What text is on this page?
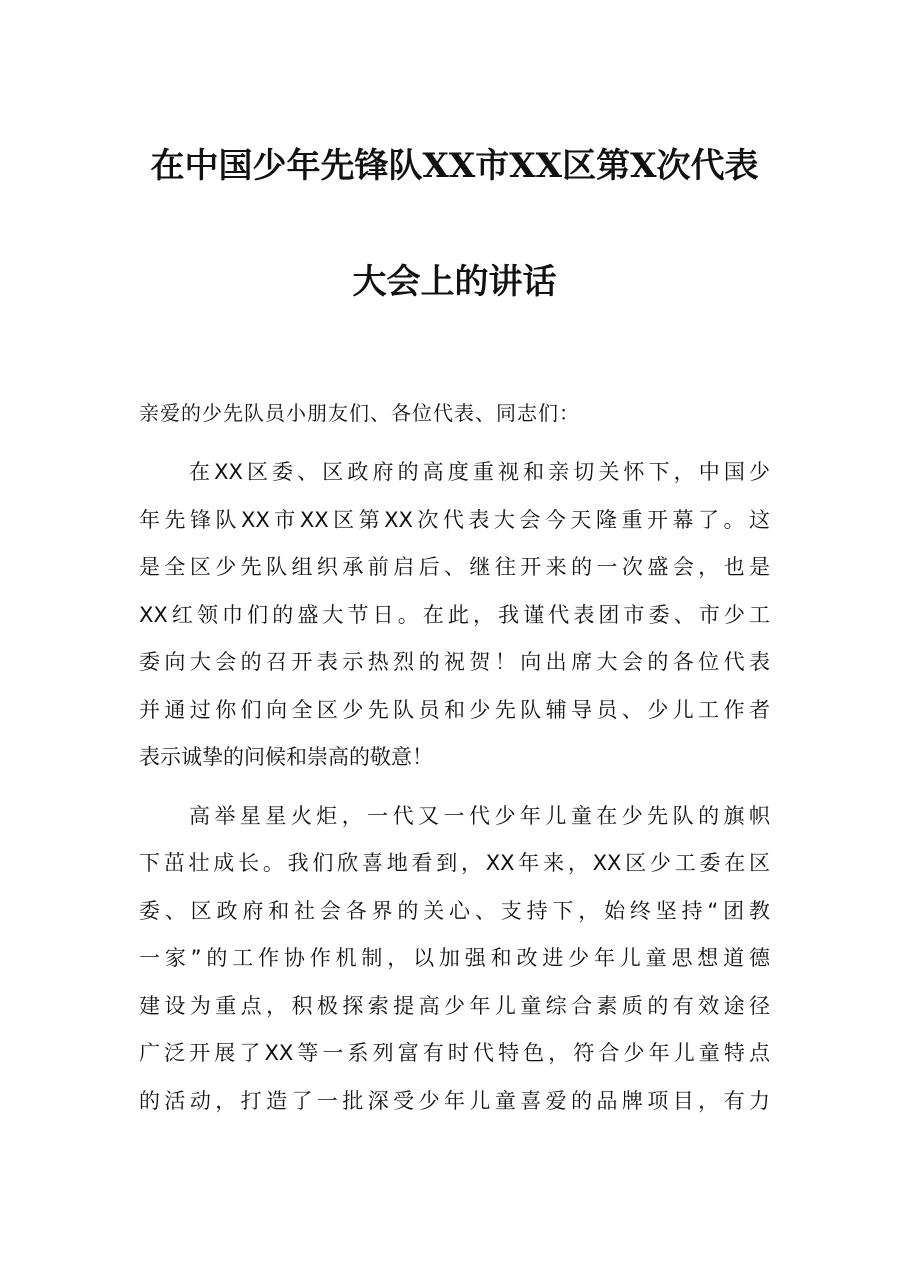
在中国少年先锋队XX市XX区第X次代表
大会上的讲话
亲爱的少先队员小朋友们、各位代表、同志们：
在XX区委、区政府的高度重视和亲切关怀下，中国少
年先锋队XX市XX区第XX次代表大会今天隆重开幕了。这
是全区少先队组织承前启后、继往开来的一次盛会，也是
XX红领巾们的盛大节日。在此，我谨代表团市委、市少工
委向大会的召开表示热烈的祝贺！向出席大会的各位代表
并通过你们向全区少先队员和少先队辅导员、少儿工作者
表示诚挚的问候和崇高的敬意！
高举星星火炬，一代又一代少年儿童在少先队的旗帜
下茁壮成长。我们欣喜地看到，XX年来，XX区少工委在区
委、区政府和社会各界的关心、支持下，始终坚持“团教
一家”的工作协作机制，以加强和改进少年儿童思想道德
建设为重点，积极探索提高少年儿童综合素质的有效途径
广泛开展了XX等一系列富有时代特色，符合少年儿童特点
的活动，打造了一批深受少年儿童喜爱的品牌项目，有力
